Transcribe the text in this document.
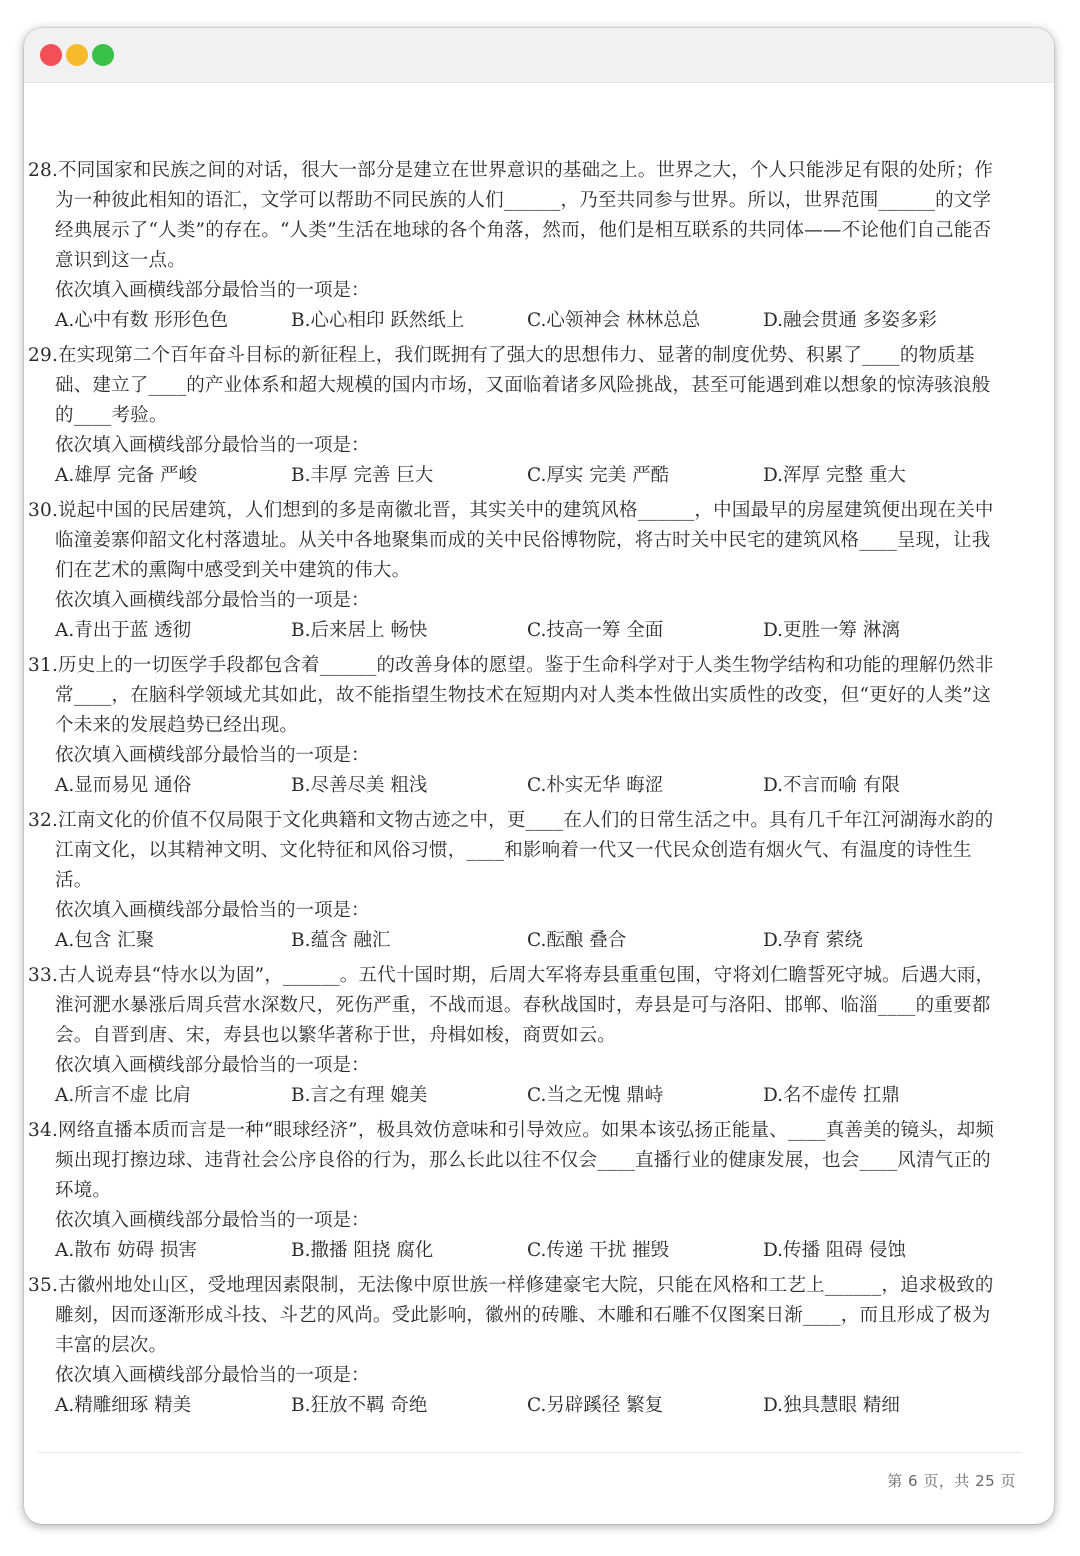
28.不同国家和民族之间的对话，很大一部分是建立在世界意识的基础之上。世界之大，个人只能涉足有限的处所；作为一种彼此相知的语汇，文学可以帮助不同民族的人们______，乃至共同参与世界。所以，世界范围______的文学经典展示了“人类”的存在。“人类”生活在地球的各个角落，然而，他们是相互联系的共同体——不论他们自己能否意识到这一点。

依次填入画横线部分最恰当的一项是：

A.心中有数 形形色色	B.心心相印 跃然纸上	C.心领神会 林林总总	D.融会贯通 多姿多彩

29.在实现第二个百年奋斗目标的新征程上，我们既拥有了强大的思想伟力、显著的制度优势、积累了____的物质基础、建立了____的产业体系和超大规模的国内市场，又面临着诸多风险挑战，甚至可能遇到难以想象的惊涛骇浪般的____考验。

依次填入画横线部分最恰当的一项是：

A.雄厚 完备 严峻	B.丰厚 完善 巨大	C.厚实 完美 严酷	D.浑厚 完整 重大

30.说起中国的民居建筑，人们想到的多是南徽北晋，其实关中的建筑风格______，中国最早的房屋建筑便出现在关中临潼姜寨仰韶文化村落遗址。从关中各地聚集而成的关中民俗博物院，将古时关中民宅的建筑风格____呈现，让我们在艺术的熏陶中感受到关中建筑的伟大。

依次填入画横线部分最恰当的一项是：

A.青出于蓝 透彻	B.后来居上 畅快	C.技高一筹 全面	D.更胜一筹 淋漓

31.历史上的一切医学手段都包含着______的改善身体的愿望。鉴于生命科学对于人类生物学结构和功能的理解仍然非常____，在脑科学领域尤其如此，故不能指望生物技术在短期内对人类本性做出实质性的改变，但“更好的人类”这个未来的发展趋势已经出现。

依次填入画横线部分最恰当的一项是：

A.显而易见 通俗	B.尽善尽美 粗浅	C.朴实无华 晦涩	D.不言而喻 有限

32.江南文化的价值不仅局限于文化典籍和文物古迹之中，更____在人们的日常生活之中。具有几千年江河湖海水韵的江南文化，以其精神文明、文化特征和风俗习惯，____和影响着一代又一代民众创造有烟火气、有温度的诗性生活。

依次填入画横线部分最恰当的一项是：

A.包含 汇聚	B.蕴含 融汇	C.酝酿 叠合	D.孕育 萦绕

33.古人说寿县“恃水以为固”，______。五代十国时期，后周大军将寿县重重包围，守将刘仁瞻誓死守城。后遇大雨，淮河淝水暴涨后周兵营水深数尺，死伤严重，不战而退。春秋战国时，寿县是可与洛阳、邯郸、临淄____的重要都会。自晋到唐、宋，寿县也以繁华著称于世，舟楫如梭，商贾如云。

依次填入画横线部分最恰当的一项是：

A.所言不虚 比肩	B.言之有理 媲美	C.当之无愧 鼎峙	D.名不虚传 扛鼎

34.网络直播本质而言是一种“眼球经济”，极具效仿意味和引导效应。如果本该弘扬正能量、____真善美的镜头，却频频出现打擦边球、违背社会公序良俗的行为，那么长此以往不仅会____直播行业的健康发展，也会____风清气正的环境。

依次填入画横线部分最恰当的一项是：

A.散布 妨碍 损害	B.撒播 阻挠 腐化	C.传递 干扰 摧毁	D.传播 阻碍 侵蚀

35.古徽州地处山区，受地理因素限制，无法像中原世族一样修建豪宅大院，只能在风格和工艺上______，追求极致的雕刻，因而逐渐形成斗技、斗艺的风尚。受此影响，徽州的砖雕、木雕和石雕不仅图案日渐____，而且形成了极为丰富的层次。

依次填入画横线部分最恰当的一项是：

A.精雕细琢 精美	B.狂放不羁 奇绝	C.另辟蹊径 繁复	D.独具慧眼 精细
第 6 页，共 25 页
